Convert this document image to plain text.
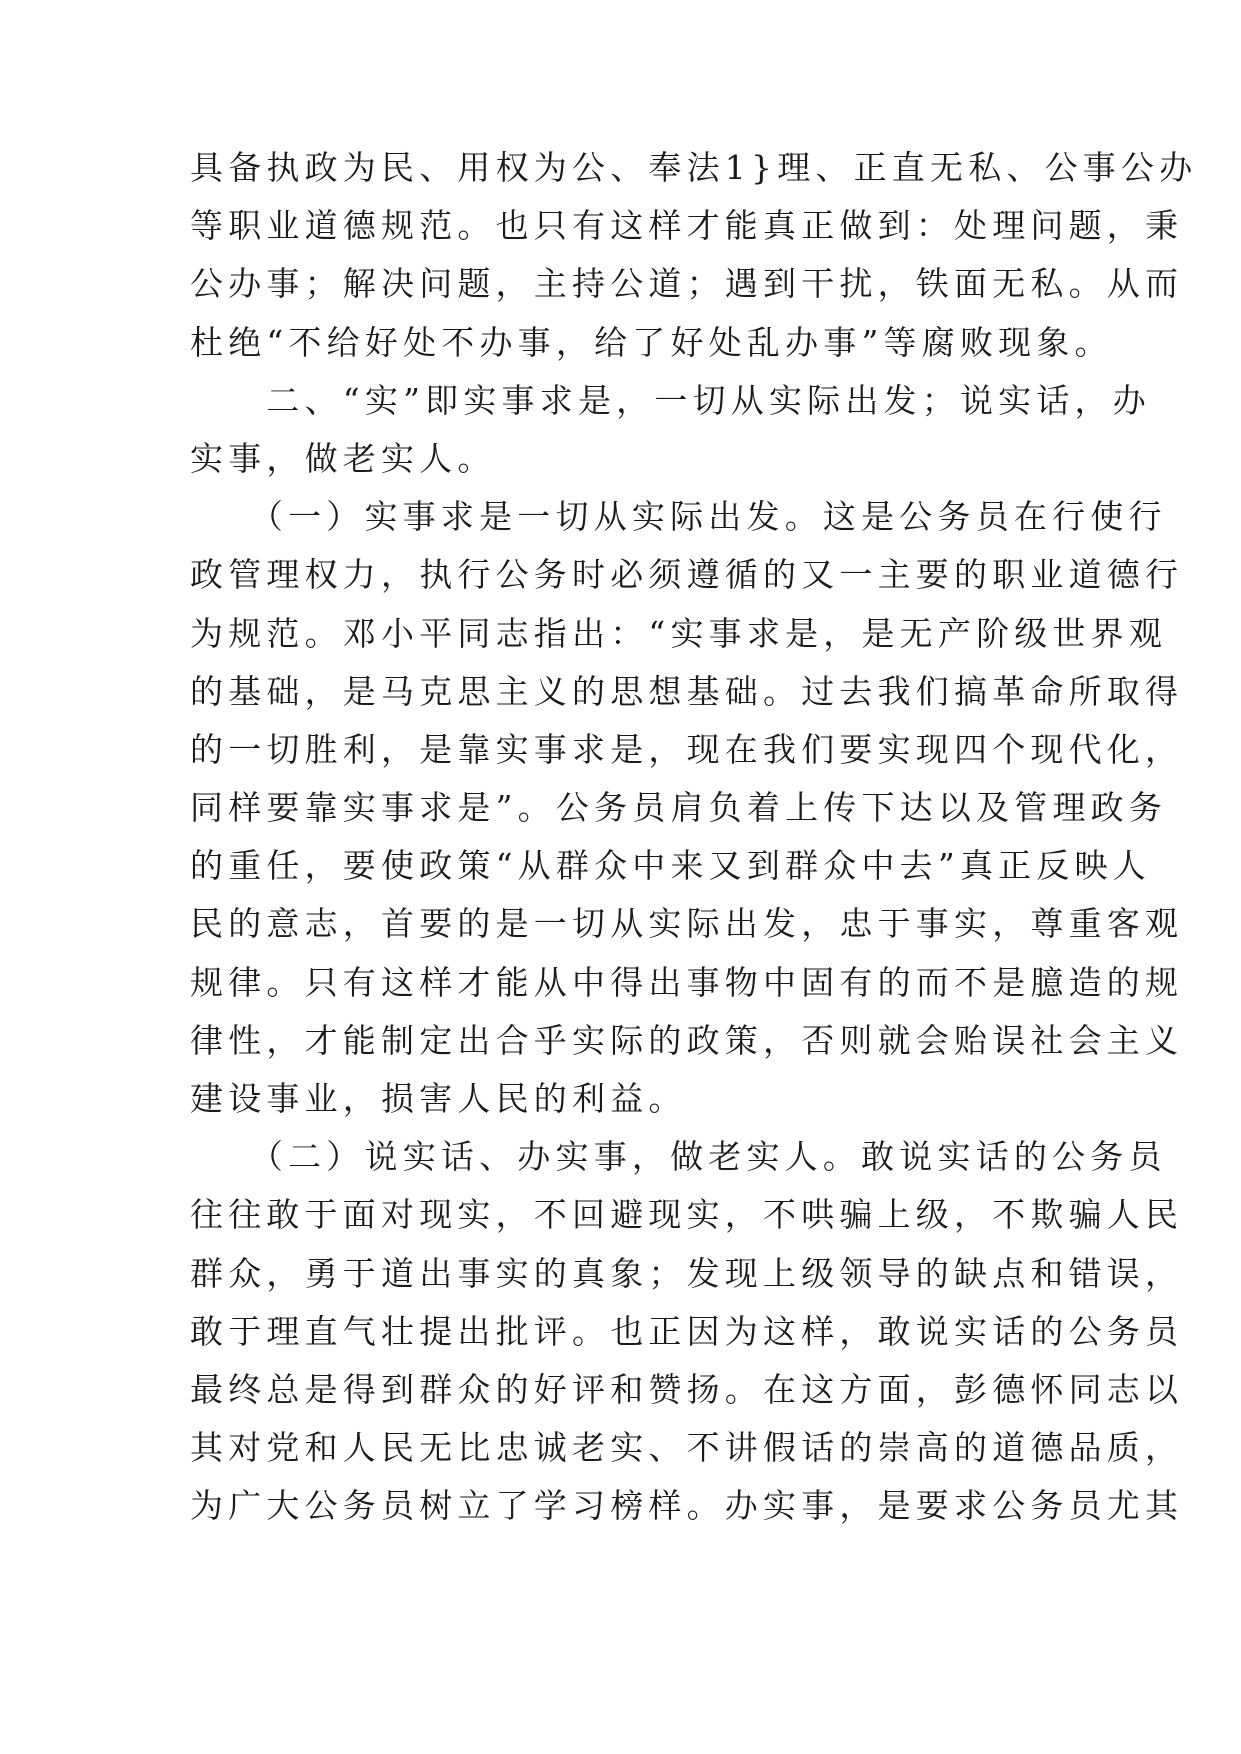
具备执政为民、用权为公、奉法1}理、正直无私、公事公办
等职业道德规范。也只有这样才能真正做到：处理问题，秉
公办事；解决问题，主持公道；遇到干扰，铁面无私。从而
杜绝“不给好处不办事，给了好处乱办事”等腐败现象。
　　二、“实”即实事求是，一切从实际出发；说实话，办
实事，做老实人。
　　（一）实事求是一切从实际出发。这是公务员在行使行
政管理权力，执行公务时必须遵循的又一主要的职业道德行
为规范。邓小平同志指出：“实事求是，是无产阶级世界观
的基础，是马克思主义的思想基础。过去我们搞革命所取得
的一切胜利，是靠实事求是，现在我们要实现四个现代化，
同样要靠实事求是”。公务员肩负着上传下达以及管理政务
的重任，要使政策“从群众中来又到群众中去”真正反映人
民的意志，首要的是一切从实际出发，忠于事实，尊重客观
规律。只有这样才能从中得出事物中固有的而不是臆造的规
律性，才能制定出合乎实际的政策，否则就会贻误社会主义
建设事业，损害人民的利益。
　　（二）说实话、办实事，做老实人。敢说实话的公务员
往往敢于面对现实，不回避现实，不哄骗上级，不欺骗人民
群众，勇于道出事实的真象；发现上级领导的缺点和错误，
敢于理直气壮提出批评。也正因为这样，敢说实话的公务员
最终总是得到群众的好评和赞扬。在这方面，彭德怀同志以
其对党和人民无比忠诚老实、不讲假话的崇高的道德品质，
为广大公务员树立了学习榜样。办实事，是要求公务员尤其
